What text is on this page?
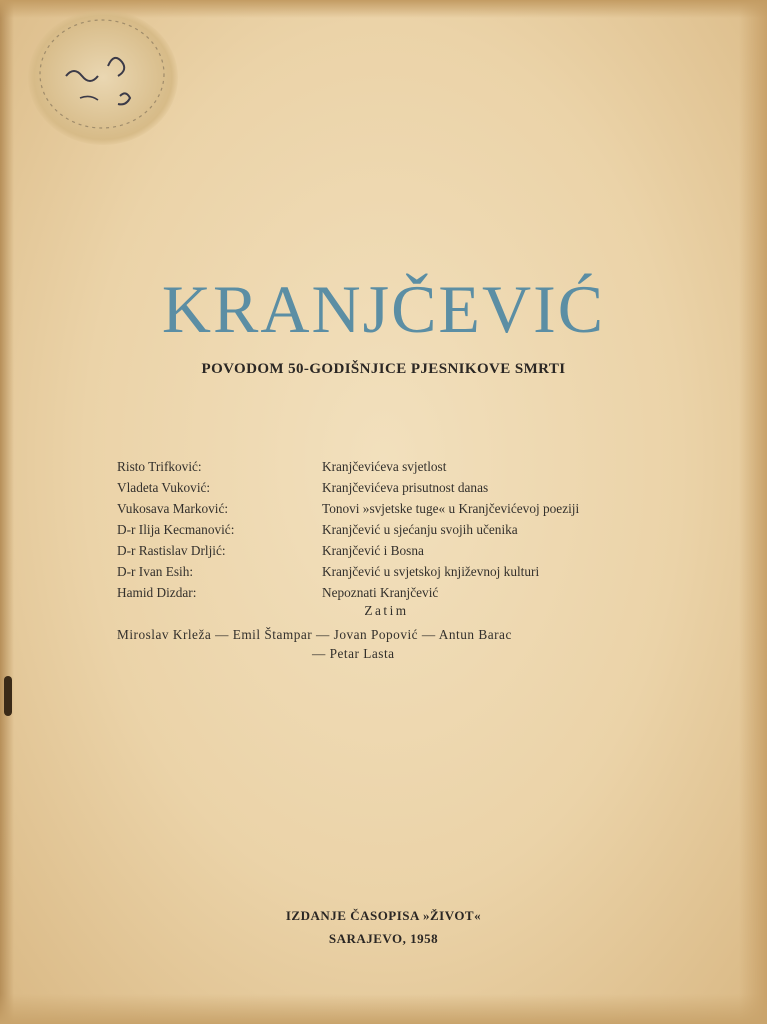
KRANJČEVIĆ
POVODOM 50-GODIŠNJICE PJESNIKOVE SMRTI
Risto Trifković:	Kranjčevićeva svjetlost
Vladeta Vuković:	Kranjčevićeva prisutnost danas
Vukosava Marković:	Tonovi »svjetske tuge« u Kranjčevićevoj poeziji
D-r Ilija Kecmanović:	Kranjčević u sjećanju svojih učenika
D-r Rastislav Drljić:	Kranjčević i Bosna
D-r Ivan Esih:	Kranjčević u svjetskoj književnoj kulturi
Hamid Dizdar:	Nepoznati Kranjčević
Zatim
Miroslav Krleža — Emil Štampar — Jovan Popović — Antun Barac
— Petar Lasta
IZDANJE ČASOPISA »ŽIVOT«
SARAJEVO, 1958
